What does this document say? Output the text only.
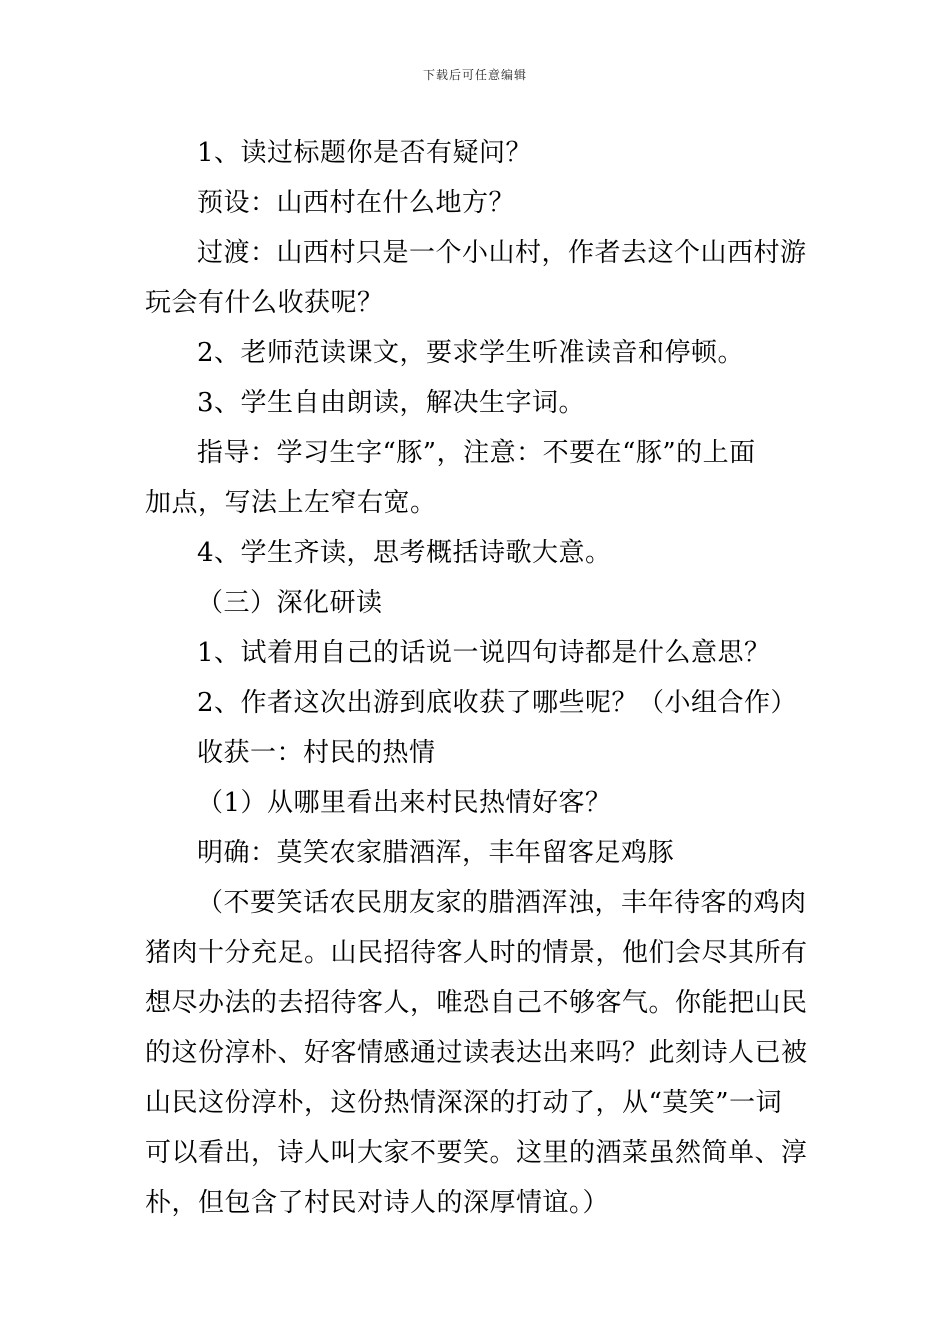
下载后可任意编辑
1、读过标题你是否有疑问？
预设：山西村在什么地方？
过渡：山西村只是一个小山村，作者去这个山西村游
玩会有什么收获呢？
2、老师范读课文，要求学生听准读音和停顿。
3、学生自由朗读，解决生字词。
指导：学习生字“豚”，注意：不要在“豚”的上面
加点，写法上左窄右宽。
4、学生齐读，思考概括诗歌大意。
（三）深化研读
1、试着用自己的话说一说四句诗都是什么意思？
2、作者这次出游到底收获了哪些呢？（小组合作）
收获一：村民的热情
（1）从哪里看出来村民热情好客？
明确：莫笑农家腊酒浑，丰年留客足鸡豚
（不要笑话农民朋友家的腊酒浑浊，丰年待客的鸡肉
猪肉十分充足。山民招待客人时的情景，他们会尽其所有
想尽办法的去招待客人，唯恐自己不够客气。你能把山民
的这份淳朴、好客情感通过读表达出来吗？此刻诗人已被
山民这份淳朴，这份热情深深的打动了，从“莫笑”一词
可以看出，诗人叫大家不要笑。这里的酒菜虽然简单、淳
朴，但包含了村民对诗人的深厚情谊。）
